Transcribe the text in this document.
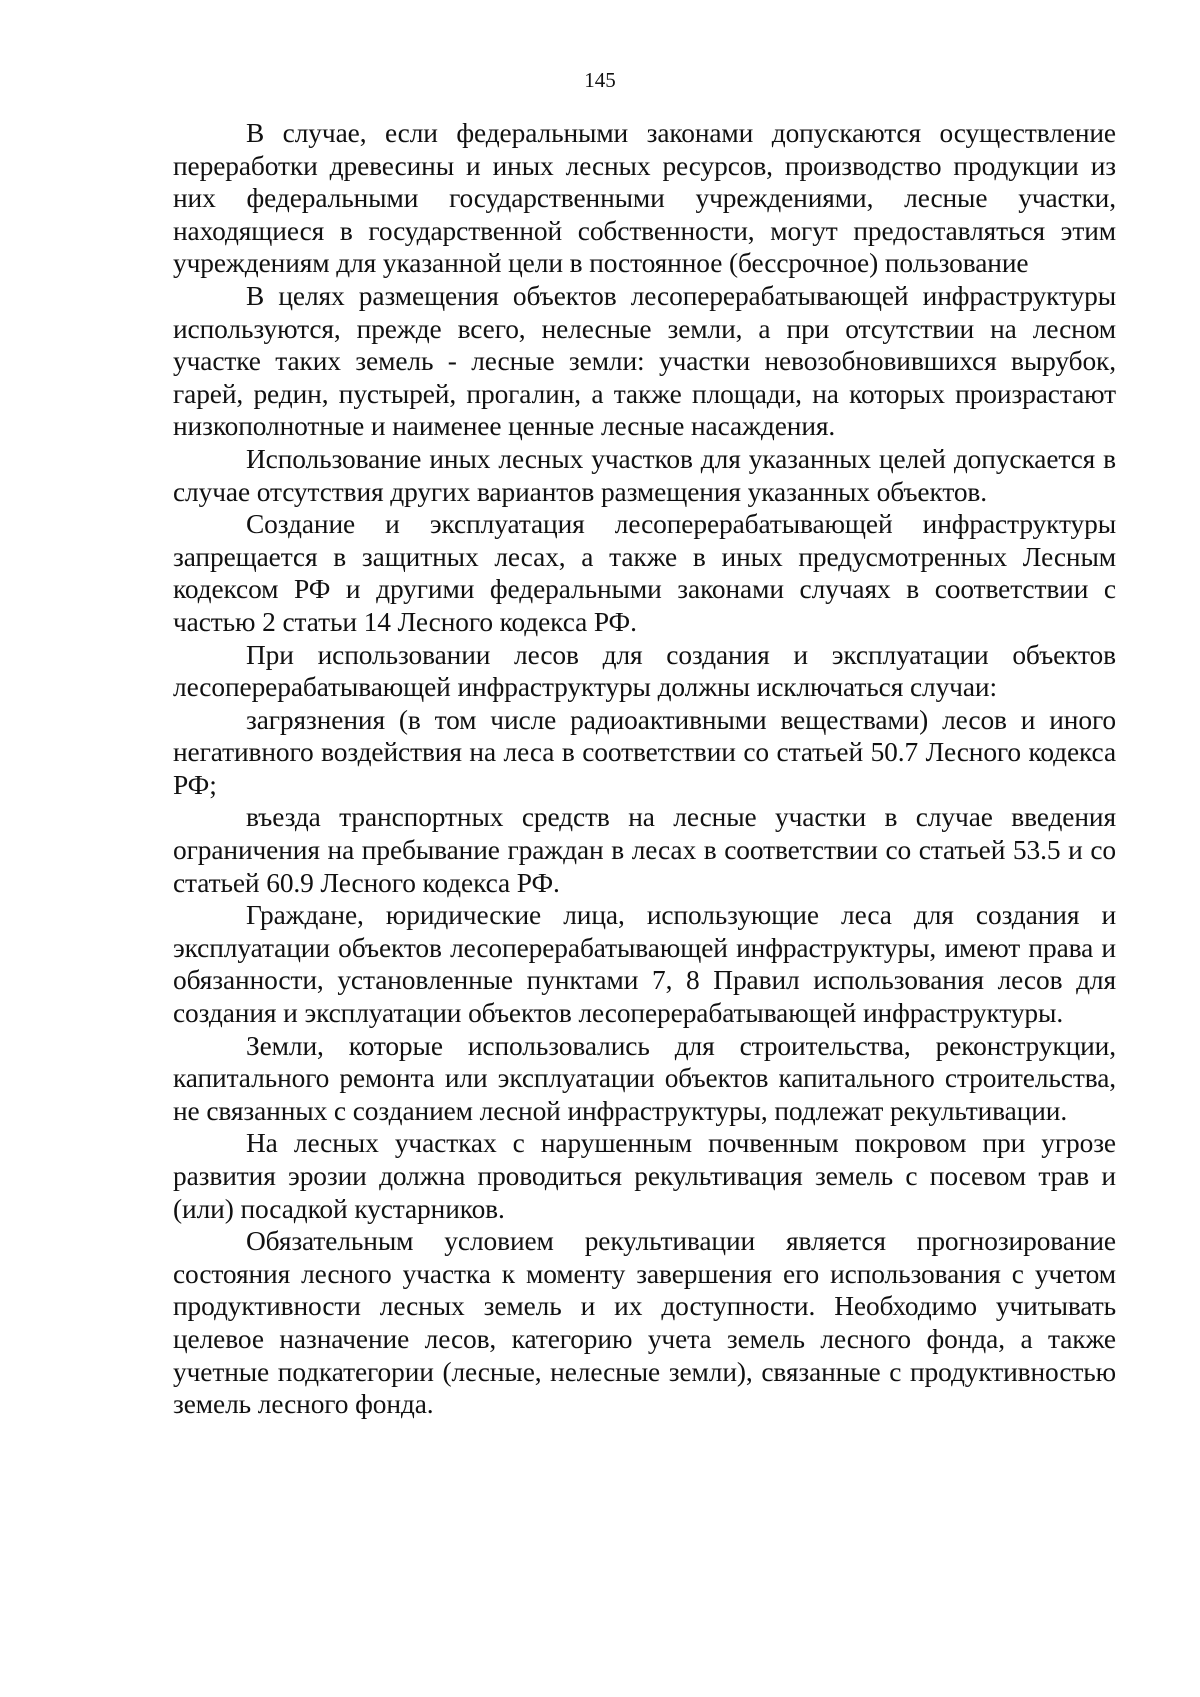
145

В случае, если федеральными законами допускаются осуществление переработки древесины и иных лесных ресурсов, производство продукции из них федеральными государственными учреждениями, лесные участки, находящиеся в государственной собственности, могут предоставляться этим учреждениям для указанной цели в постоянное (бессрочное) пользование

В целях размещения объектов лесоперерабатывающей инфраструктуры используются, прежде всего, нелесные земли, а при отсутствии на лесном участке таких земель - лесные земли: участки невозобновившихся вырубок, гарей, редин, пустырей, прогалин, а также площади, на которых произрастают низкополнотные и наименее ценные лесные насаждения.

Использование иных лесных участков для указанных целей допускается в случае отсутствия других вариантов размещения указанных объектов.

Создание и эксплуатация лесоперерабатывающей инфраструктуры запрещается в защитных лесах, а также в иных предусмотренных Лесным кодексом РФ и другими федеральными законами случаях в соответствии с частью 2 статьи 14 Лесного кодекса РФ.

При использовании лесов для создания и эксплуатации объектов лесоперерабатывающей инфраструктуры должны исключаться случаи:

загрязнения (в том числе радиоактивными веществами) лесов и иного негативного воздействия на леса в соответствии со статьей 50.7 Лесного кодекса РФ;

въезда транспортных средств на лесные участки в случае введения ограничения на пребывание граждан в лесах в соответствии со статьей 53.5 и со статьей 60.9 Лесного кодекса РФ.

Граждане, юридические лица, использующие леса для создания и эксплуатации объектов лесоперерабатывающей инфраструктуры, имеют права и обязанности, установленные пунктами 7, 8 Правил использования лесов для создания и эксплуатации объектов лесоперерабатывающей инфраструктуры.

Земли, которые использовались для строительства, реконструкции, капитального ремонта или эксплуатации объектов капитального строительства, не связанных с созданием лесной инфраструктуры, подлежат рекультивации.

На лесных участках с нарушенным почвенным покровом при угрозе развития эрозии должна проводиться рекультивация земель с посевом трав и (или) посадкой кустарников.

Обязательным условием рекультивации является прогнозирование состояния лесного участка к моменту завершения его использования с учетом продуктивности лесных земель и их доступности. Необходимо учитывать целевое назначение лесов, категорию учета земель лесного фонда, а также учетные подкатегории (лесные, нелесные земли), связанные с продуктивностью земель лесного фонда.
